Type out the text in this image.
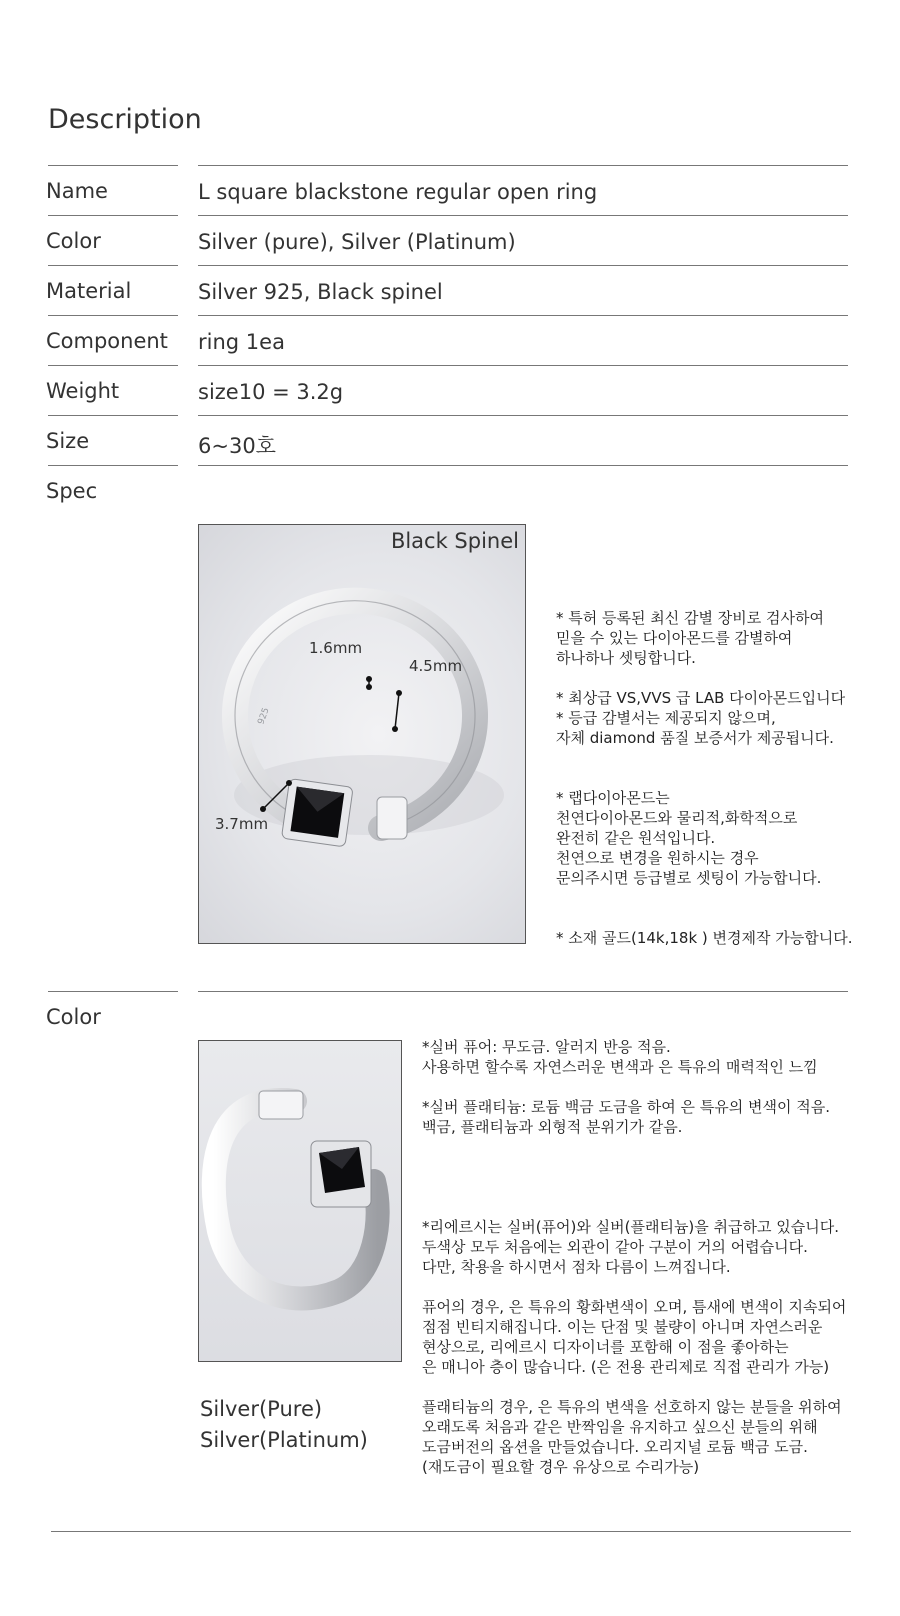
Description
Name	L square blackstone regular open ring
Color	Silver (pure), Silver (Platinum)
Material	Silver 925, Black spinel
Component ring 1ea
Weight	size10 = 3.2g
Size	6~30호
Spec
925
Black Spinel
1.6mm
4.5mm
3.7mm
* 특허 등록된 최신 감별 장비로 검사하여
믿을 수 있는 다이아몬드를 감별하여
하나하나 셋팅합니다.
* 최상급 VS,VVS 급 LAB 다이아몬드입니다
* 등급 감별서는 제공되지 않으며,
자체 diamond 품질 보증서가 제공됩니다.
* 랩다이아몬드는
천연다이아몬드와 물리적,화학적으로
완전히 같은 원석입니다.
천연으로 변경을 원하시는 경우
문의주시면 등급별로 셋팅이 가능합니다.
* 소재 골드(14k,18k ) 변경제작 가능합니다.
Color
Silver(Pure)
Silver(Platinum)
*실버 퓨어: 무도금. 알러지 반응 적음.
사용하면 할수록 자연스러운 변색과 은 특유의 매력적인 느낌
*실버 플래티늄: 로듐 백금 도금을 하여 은 특유의 변색이 적음.
백금, 플래티늄과 외형적 분위기가 같음.
*리에르시는 실버(퓨어)와 실버(플래티늄)을 취급하고 있습니다.
두색상 모두 처음에는 외관이 같아 구분이 거의 어렵습니다.
다만, 착용을 하시면서 점차 다름이 느껴집니다.
퓨어의 경우, 은 특유의 황화변색이 오며, 틈새에 변색이 지속되어
점점 빈티지해집니다. 이는 단점 및 불량이 아니며 자연스러운
현상으로, 리에르시 디자이너를 포함해 이 점을 좋아하는
은 매니아 층이 많습니다. (은 전용 관리제로 직접 관리가 가능)
플래티늄의 경우, 은 특유의 변색을 선호하지 않는 분들을 위하여
오래도록 처음과 같은 반짝임을 유지하고 싶으신 분들의 위해
도금버전의 옵션을 만들었습니다. 오리지널 로듐 백금 도금.
(재도금이 필요할 경우 유상으로 수리가능)
